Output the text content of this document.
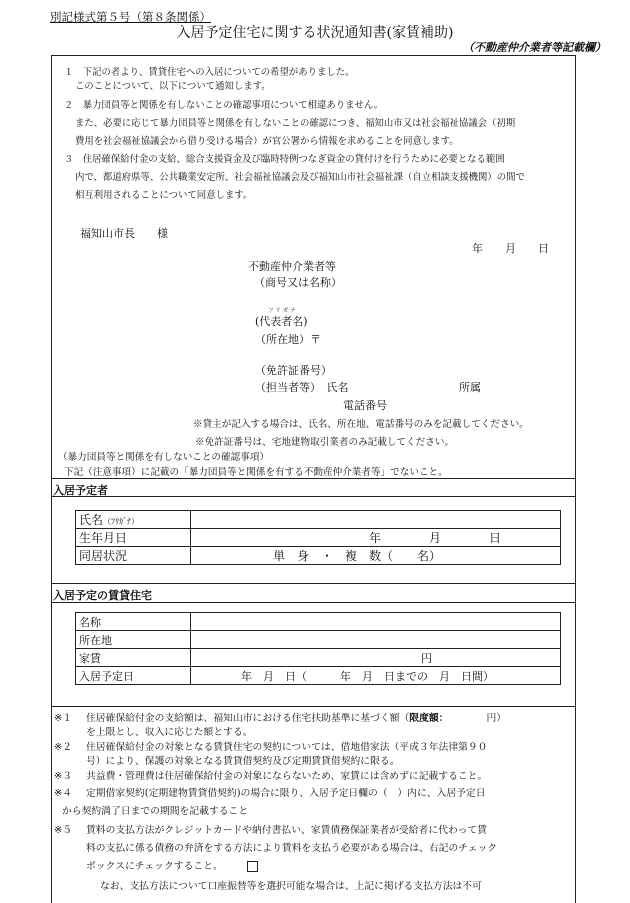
別記様式第５号（第８条関係）
入居予定住宅に関する状況通知書(家賃補助)
（不動産仲介業者等記載欄）
１　下記の者より、賃貸住宅への入居についての希望がありました。
このことについて、以下について通知します。
２　暴力団員等と関係を有しないことの確認事項について相違ありません。
また、必要に応じて暴力団員等と関係を有しないことの確認につき、福知山市又は社会福祉協議会（初期
費用を社会福祉協議会から借り受ける場合）が官公署から情報を求めることを同意します。
３　住居確保給付金の支給、総合支援資金及び臨時特例つなぎ資金の貸付けを行うために必要となる範囲
内で、都道府県等、公共職業安定所、社会福祉協議会及び福知山市社会福祉課（自立相談支援機関）の間で
相互利用されることについて同意します。
福知山市長　　様
年　　月　　日
不動産仲介業者等
（商号又は名称）
フリガナ
(代表者名)
（所在地）〒
（免許証番号）
（担当者等）　氏名	所属
電話番号
※貸主が記入する場合は、氏名、所在地、電話番号のみを記載してください。
※免許証番号は、宅地建物取引業者のみ記載してください。
（暴力団員等と関係を有しないことの確認事項）
下記（注意事項）に記載の「暴力団員等と関係を有する不動産仲介業者等」でないこと。
入居予定者
氏名（ﾌﾘｶﾞﾅ）	
生年月日	年　　　　月　　　　日
同居状況	単　身　・　複　数（　　名）
入居予定の賃貸住宅
名称	
所在地	
家賃	円
入居予定日	年　月　日（　　　年　月　日までの　月　日間）
※１ 住居確保給付金の支給額は、福知山市における住宅扶助基準に基づく額（限度額：	円）
を上限とし、収入に応じた額とする。
※２ 住居確保給付金の対象となる賃貸住宅の契約については、借地借家法（平成３年法律第９０
号）により、保護の対象となる賃貸借契約及び定期賃貸借契約に限る。
※３ 共益費・管理費は住居確保給付金の対象にならないため、家賃には含めずに記載すること。
※４ 定期借家契約(定期建物賃貸借契約)の場合に限り、入居予定日欄の（　）内に、入居予定日
から契約満了日までの期間を記載すること
※５ 賃料の支払方法がクレジットカードや納付書払い、家賃債務保証業者が受給者に代わって賃
料の支払に係る債務の弁済をする方法により賃料を支払う必要がある場合は、右記のチェック
ボックスにチェックすること。
なお、支払方法について口座振替等を選択可能な場合は、上記に掲げる支払方法は不可
